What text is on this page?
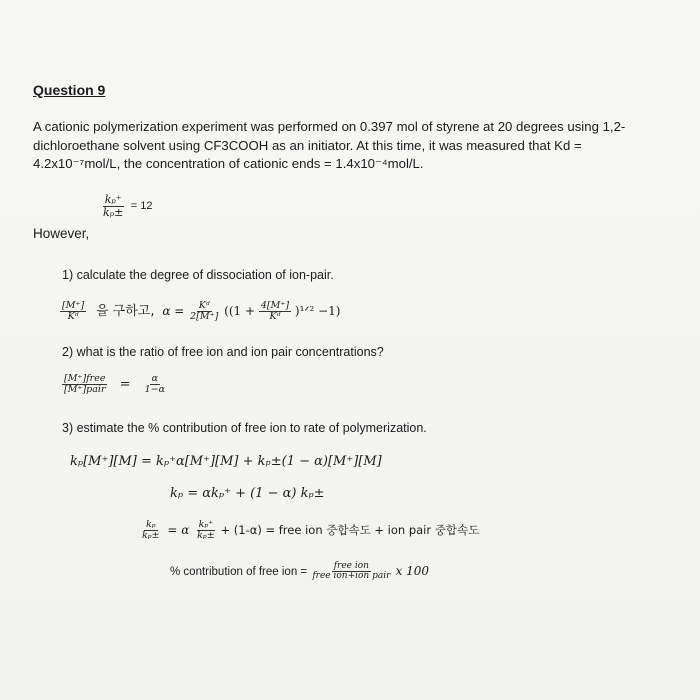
Question 9
A cationic polymerization experiment was performed on 0.397 mol of styrene at 20 degrees using 1,2-dichloroethane solvent using CF3COOH as an initiator. At this time, it was measured that Kd = 4.2x10⁻⁷mol/L, the concentration of cationic ends = 1.4x10⁻⁴mol/L.
$\frac{\text{kₚ⁺}}{\text{kₚ±}} = 12$
However,
1) calculate the degree of dissociation of ion-pair.
$\frac{[M^+]}{\text{Kᵈ}}$ 을 구하고, $\alpha = \frac{\text{Kᵈ}}{2[M^+]} ((1 + \frac{4[M^+]}{\text{Kᵈ}}$ )¹ᐟ² −1)
2) what is the ratio of free ion and ion pair concentrations?
$\frac{\text{[M⁺]free}}{\text{[M⁺]pair}} = \frac{\alpha}{1-\alpha}$
3) estimate the % contribution of free ion to rate of polymerization.
kₚ[M⁺][M] = kₚ⁺α[M⁺][M] + kₚ±(1 − α)[M⁺][M]
kₚ = αkₚ⁺ + (1 − α) kₚ±
$\frac{\text{kₚ}}{\text{kₚ±}} = \alpha \frac{\text{kₚ⁺}}{\text{kₚ±}} + (1-\alpha)$ = free ion 중합속도 + ion pair 중합속도
% contribution of free ion = $\frac{\text{free ion}}{\text{free ion+ion pair}}$ x 100
